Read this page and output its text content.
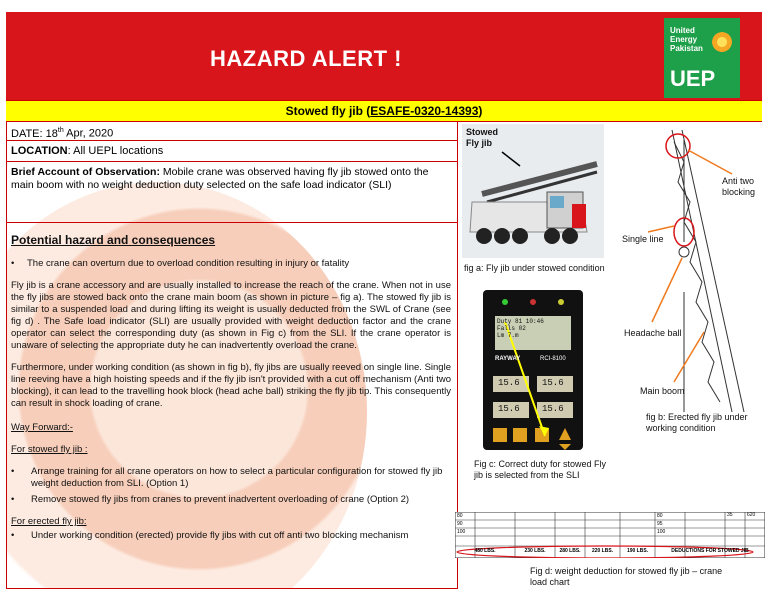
HAZARD ALERT !
United
Energy
Pakistan
UEP
Stowed fly jib (ESAFE-0320-14393)
DATE: 18th Apr, 2020
LOCATION: All UEPL locations
Brief Account of Observation: Mobile crane was observed having fly jib stowed onto the main boom with no weight deduction duty selected on the safe load indicator (SLI)
Potential hazard and consequences
•	The crane can overturn due to overload condition resulting in injury or fatality
Fly jib is a crane accessory and are usually installed to increase the reach of the crane. When not in use the fly jibs are stowed back onto the crane main boom (as shown in picture – fig a). The stowed fly jib is similar to a suspended load and during lifting its weight is usually deducted from the SWL of Crane (see fig d) . The Safe load indicator (SLI) are usually provided with weight deduction factor and the crane operator can select the corresponding duty (as shown in Fig c) from the SLI. If the crane operator is unaware of selecting the appropriate duty he can inadvertently overload the crane.
Furthermore, under working condition (as shown in fig b), fly jibs are usually reeved on single line. Single line reeving have a high hoisting speeds and if the fly jib isn't provided with a cut off mechanism (Anti two blocking), it can lead to the travelling hook block (head ache ball) striking the fly jib tip. This consequently can result in shock loading of crane.
Way Forward:-
For stowed fly jib :
•	Arrange training for all crane operators on how to select a particular configuration for stowed fly jib weight deduction from SLI. (Option 1)
•	Remove stowed fly jibs from cranes to prevent inadvertent overloading of crane (Option 2)
For erected fly jib:
•	Under working condition (erected) provide fly jibs with cut off anti two blocking mechanism
Stowed Fly jib
fig a: Fly jib under stowed condition
Duty 81 10:46
Falls 02
Lm 7.m
RAYWAY	RCI-8100
15.6 15.6
15.6 15.6
Fig c: Correct duty for stowed Fly jib is selected from the SLI
Anti two blocking
Single line
Headache ball
Main boom
fig b: Erected fly jib under working condition
80
90
100
80
95
100
35	620
480 LBS.	230 LBS.	280 LBS.	220 LBS.	190 LBS.	DEDUCTIONS FOR STOWED JIB
Fig d: weight deduction for stowed fly jib – crane load chart
